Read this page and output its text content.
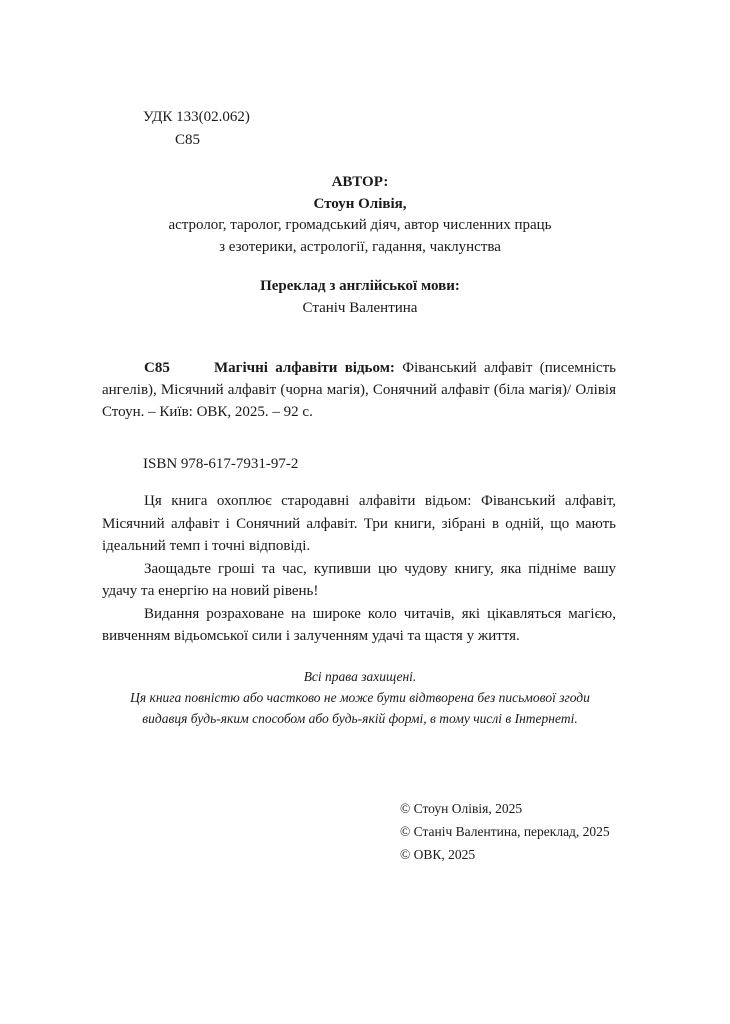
УДК 133(02.062)
С85
АВТОР:
Стоун Олівія,
астролог, таролог, громадський діяч, автор численних праць
з езотерики, астрології, гадання, чаклунства
Переклад з англійської мови:
Станіч Валентина
С85	Магічні алфавіти відьом: Фіванський алфавіт (писемність ангелів), Місячний алфавіт (чорна магія), Сонячний алфавіт (біла магія)/ Олівія Стоун. – Київ: ОВК, 2025. – 92 с.
ISBN 978-617-7931-97-2

Ця книга охоплює стародавні алфавіти відьом: Фіванський алфавіт, Місячний алфавіт і Сонячний алфавіт. Три книги, зібрані в одній, що мають ідеальний темп і точні відповіді.

Заощадьте гроші та час, купивши цю чудову книгу, яка підніме вашу удачу та енергію на новий рівень!

Видання розраховане на широке коло читачів, які цікавляться магією, вивченням відьомської сили і залученням удачі та щастя у життя.

Всі права захищені.
Ця книга повністю або частково не може бути відтворена без письмової згоди
видавця будь-яким способом або будь-якій формі, в тому числі в Інтернеті.
© Стоун Олівія, 2025
© Станіч Валентина, переклад, 2025
© ОВК, 2025
